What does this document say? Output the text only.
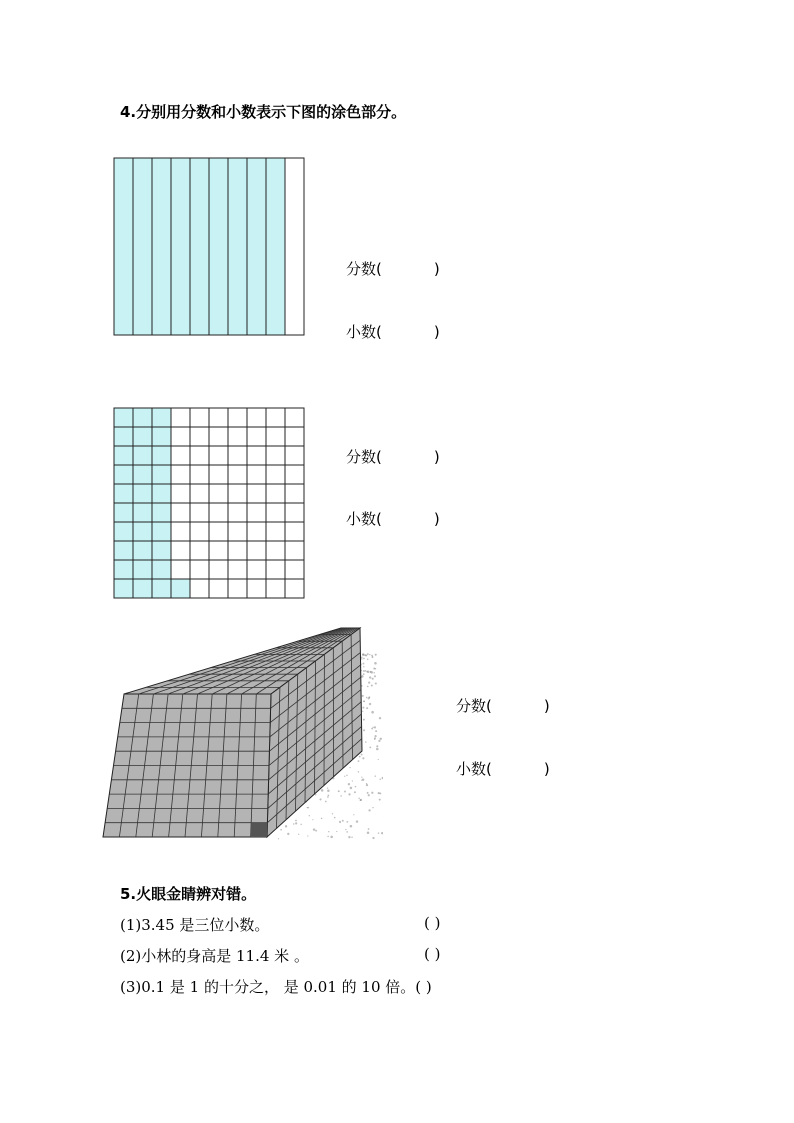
4.分别用分数和小数表示下图的涂色部分。
分数(	)
小数(	)
分数(	)
小数(	)
分数(	)
小数(	)
5.火眼金睛辨对错。
(1)3.45 是三位小数。	( )
(2)小林的身高是 11.4 米 。	( )
(3)0.1 是 1 的十分之， 是 0.01 的 10 倍。( )
